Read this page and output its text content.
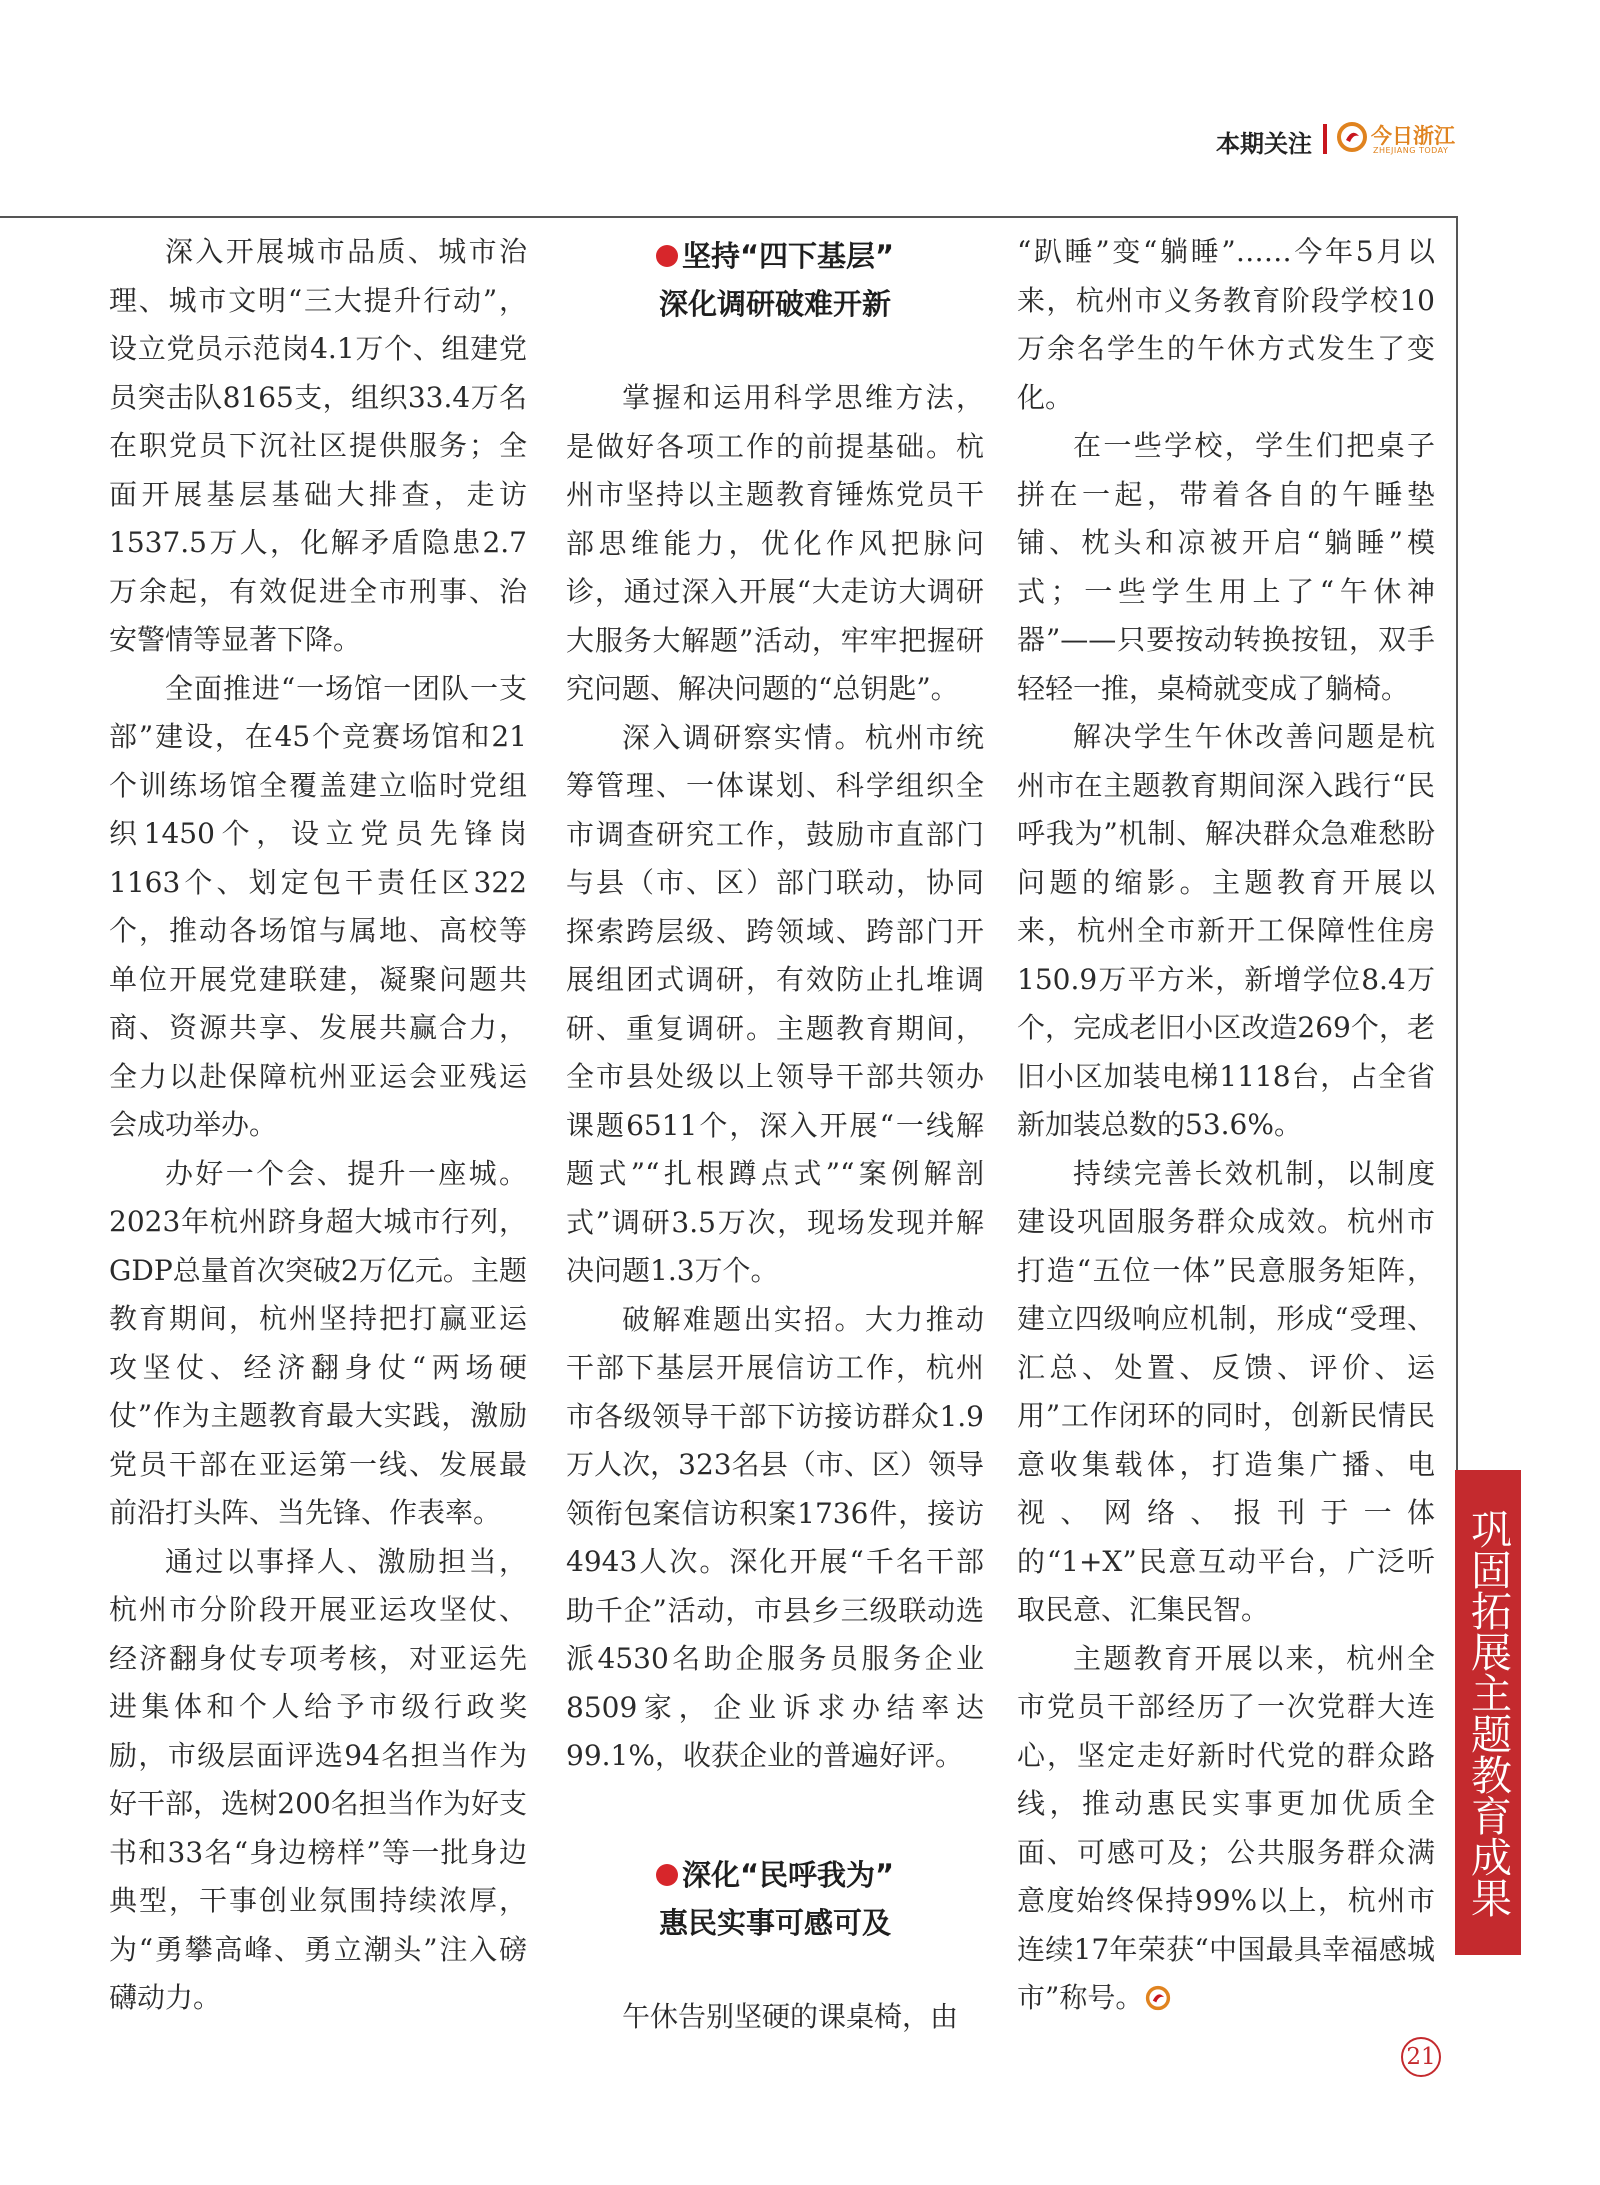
本期关注	今日浙江
ZHEJIANG TODAY

深入开展城市品质、城市治理、城市文明“三大提升行动”，设立党员示范岗4.1万个、组建党员突击队8165支，组织33.4万名在职党员下沉社区提供服务；全面开展基层基础大排查，走访1537.5万人，化解矛盾隐患2.7万余起，有效促进全市刑事、治安警情等显著下降。

全面推进“一场馆一团队一支部”建设，在45个竞赛场馆和21个训练场馆全覆盖建立临时党组织1450个，设立党员先锋岗1163个、划定包干责任区322个，推动各场馆与属地、高校等单位开展党建联建，凝聚问题共商、资源共享、发展共赢合力，全力以赴保障杭州亚运会亚残运会成功举办。

办好一个会、提升一座城。2023年杭州跻身超大城市行列，GDP总量首次突破2万亿元。主题教育期间，杭州坚持把打赢亚运攻坚仗、经济翻身仗“两场硬仗”作为主题教育最大实践，激励党员干部在亚运第一线、发展最前沿打头阵、当先锋、作表率。

通过以事择人、激励担当，杭州市分阶段开展亚运攻坚仗、经济翻身仗专项考核，对亚运先进集体和个人给予市级行政奖励，市级层面评选94名担当作为好干部，选树200名担当作为好支书和33名“身边榜样”等一批身边典型，干事创业氛围持续浓厚，为“勇攀高峰、勇立潮头”注入磅礴动力。

坚持“四下基层”
深化调研破难开新

掌握和运用科学思维方法，是做好各项工作的前提基础。杭州市坚持以主题教育锤炼党员干部思维能力，优化作风把脉问诊，通过深入开展“大走访大调研大服务大解题”活动，牢牢把握研究问题、解决问题的“总钥匙”。

深入调研察实情。杭州市统筹管理、一体谋划、科学组织全市调查研究工作，鼓励市直部门与县（市、区）部门联动，协同探索跨层级、跨领域、跨部门开展组团式调研，有效防止扎堆调研、重复调研。主题教育期间，全市县处级以上领导干部共领办课题6511个，深入开展“一线解题式”“扎根蹲点式”“案例解剖式”调研3.5万次，现场发现并解决问题1.3万个。

破解难题出实招。大力推动干部下基层开展信访工作，杭州市各级领导干部下访接访群众1.9万人次，323名县（市、区）领导领衔包案信访积案1736件，接访4943人次。深化开展“千名干部助千企”活动，市县乡三级联动选派4530名助企服务员服务企业8509家，企业诉求办结率达99.1%，收获企业的普遍好评。

深化“民呼我为”
惠民实事可感可及

午休告别坚硬的课桌椅，由

“趴睡”变“躺睡”……今年5月以来，杭州市义务教育阶段学校10万余名学生的午休方式发生了变化。

在一些学校，学生们把桌子拼在一起，带着各自的午睡垫铺、枕头和凉被开启“躺睡”模式；一些学生用上了“午休神器”——只要按动转换按钮，双手轻轻一推，桌椅就变成了躺椅。

解决学生午休改善问题是杭州市在主题教育期间深入践行“民呼我为”机制、解决群众急难愁盼问题的缩影。主题教育开展以来，杭州全市新开工保障性住房150.9万平方米，新增学位8.4万个，完成老旧小区改造269个，老旧小区加装电梯1118台，占全省新加装总数的53.6%。

持续完善长效机制，以制度建设巩固服务群众成效。杭州市打造“五位一体”民意服务矩阵，建立四级响应机制，形成“受理、汇总、处置、反馈、评价、运用”工作闭环的同时，创新民情民意收集载体，打造集广播、电视、网络、报刊于一体的“1+X”民意互动平台，广泛听取民意、汇集民智。

主题教育开展以来，杭州全市党员干部经历了一次党群大连心，坚定走好新时代党的群众路线，推动惠民实事更加优质全面、可感可及；公共服务群众满意度始终保持99%以上，杭州市连续17年荣获“中国最具幸福感城市”称号。

巩固拓展主题教育成果
21
